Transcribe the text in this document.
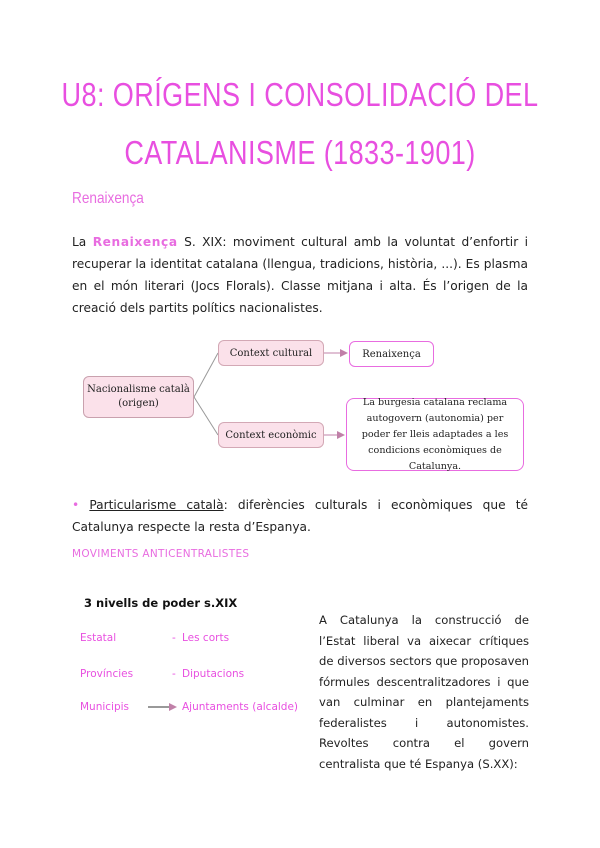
U8: ORÍGENS I CONSOLIDACIÓ DEL
CATALANISME (1833-1901)
Renaixença
La Renaixença S. XIX: moviment cultural amb la voluntat d’enfortir i recuperar la identitat catalana (llengua, tradicions, història, ...). Es plasma en el món literari (Jocs Florals). Classe mitjana i alta. És l’origen de la creació dels partits polítics nacionalistes.
Nacionalisme català (origen)
Context cultural	Renaixença
Context econòmic
La burgesia catalana reclama autogovern (autonomia) per poder fer lleis adaptades a les condicions econòmiques de Catalunya.
• Particularisme català: diferències culturals i econòmiques que té Catalunya respecte la resta d’Espanya.
MOVIMENTS ANTICENTRALISTES
3 nivells de poder s.XIX
Estatal	- Les corts
Províncies	- Diputacions
Municipis	Ajuntaments (alcalde)
A Catalunya la construcció de l’Estat liberal va aixecar crítiques de diversos sectors que proposaven fórmules descentralitzadores i que van culminar en plantejaments federalistes i autonomistes. Revoltes contra el govern centralista que té Espanya (S.XX):
